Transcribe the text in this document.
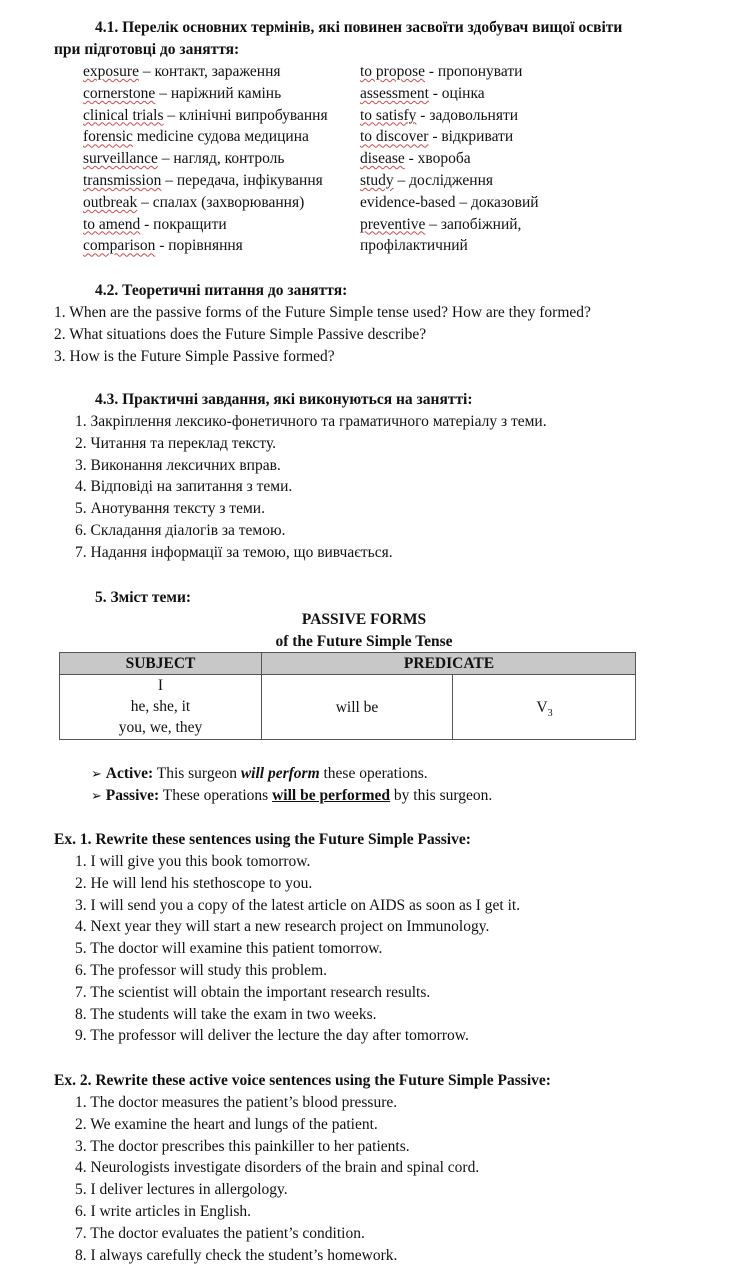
4.1. Перелік основних термінів, які повинен засвоїти здобувач вищої освіти
при підготовці до заняття:
exposure – контакт, зараження
cornerstone – наріжний камінь
clinical trials – клінічні випробування
forensic medicine судова медицина
surveillance – нагляд, контроль
transmission – передача, інфікування
outbreak – спалах (захворювання)
to amend - покращити
comparison - порівняння
to propose - пропонувати
assessment - оцінка
to satisfy - задовольняти
to discover - відкривати
disease - хвороба
study – дослідження
evidence-based – доказовий
preventive – запобіжний,
профілактичний
4.2. Теоретичні питання до заняття:
1. When are the passive forms of the Future Simple tense used? How are they formed?
2. What situations does the Future Simple Passive describe?
3. How is the Future Simple Passive formed?
4.3. Практичні завдання, які виконуються на занятті:
1. Закріплення лексико-фонетичного та граматичного матеріалу з теми.
2. Читання та переклад тексту.
3. Виконання лексичних вправ.
4. Відповіді на запитання з теми.
5. Анотування тексту з теми.
6. Складання діалогів за темою.
7. Надання інформації за темою, що вивчається.
5. Зміст теми:
PASSIVE FORMS
of the Future Simple Tense
SUBJECT	PREDICATE
I
he, she, it
you, we, they
will be	$V_3$
➢ Active: This surgeon will perform these operations.
➢ Passive: These operations will be performed by this surgeon.
Ex. 1. Rewrite these sentences using the Future Simple Passive:
1. I will give you this book tomorrow.
2. He will lend his stethoscope to you.
3. I will send you a copy of the latest article on AIDS as soon as I get it.
4. Next year they will start a new research project on Immunology.
5. The doctor will examine this patient tomorrow.
6. The professor will study this problem.
7. The scientist will obtain the important research results.
8. The students will take the exam in two weeks.
9. The professor will deliver the lecture the day after tomorrow.
Ex. 2. Rewrite these active voice sentences using the Future Simple Passive:
1. The doctor measures the patient’s blood pressure.
2. We examine the heart and lungs of the patient.
3. The doctor prescribes this painkiller to her patients.
4. Neurologists investigate disorders of the brain and spinal cord.
5. I deliver lectures in allergology.
6. I write articles in English.
7. The doctor evaluates the patient’s condition.
8. I always carefully check the student’s homework.
